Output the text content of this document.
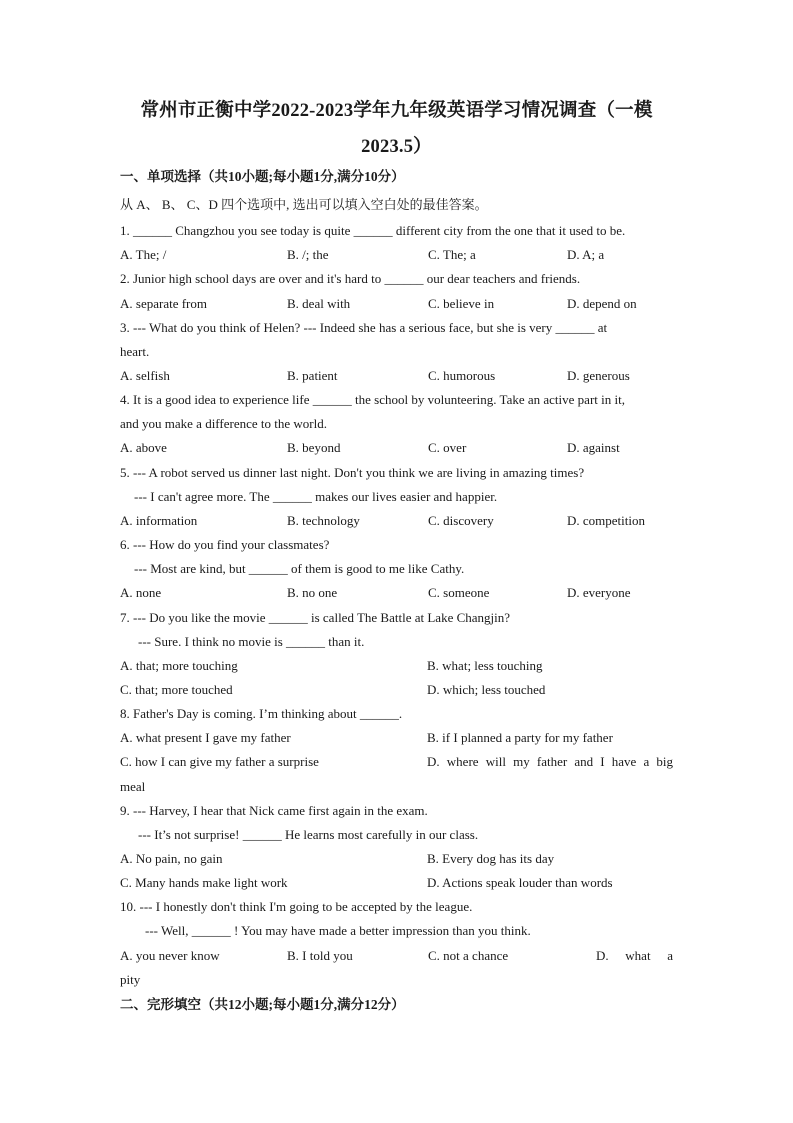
常州市正衡中学2022-2023学年九年级英语学习情况调查（一模
2023.5）
一、单项选择（共10小题;每小题1分,满分10分）
从 A、 B、 C、D 四个选项中, 选出可以填入空白处的最佳答案。
1. ______ Changzhou you see today is quite ______ different city from the one that it used to be.
A. The; /	B. /; the	C. The; a	D. A; a
2. Junior high school days are over and it's hard to ______ our dear teachers and friends.
A. separate from	B. deal with	C. believe in	D. depend on
3. --- What do you think of Helen? --- Indeed she has a serious face, but she is very ______ at
heart.
A. selfish	B. patient	C. humorous	D. generous
4. It is a good idea to experience life ______ the school by volunteering. Take an active part in it,
and you make a difference to the world.
A. above	B. beyond	C. over	D. against
5. --- A robot served us dinner last night. Don't you think we are living in amazing times?
--- I can't agree more. The ______ makes our lives easier and happier.
A. information	B. technology	C. discovery	D. competition
6. --- How do you find your classmates?
--- Most are kind, but ______ of them is good to me like Cathy.
A. none	B. no one	C. someone	D. everyone
7. --- Do you like the movie ______ is called The Battle at Lake Changjin?
--- Sure. I think no movie is ______ than it.
A. that; more touching	B. what; less touching
C. that; more touched	D. which; less touched
8. Father's Day is coming. I’m thinking about ______.
A. what present I gave my father	B. if I planned a party for my father
C. how I can give my father a surprise	D. where will my father and I have a big
meal
9. --- Harvey, I hear that Nick came first again in the exam.
--- It’s not surprise! ______ He learns most carefully in our class.
A. No pain, no gain	B. Every dog has its day
C. Many hands make light work	D. Actions speak louder than words
10. --- I honestly don't think I'm going to be accepted by the league.
--- Well, ______ ! You may have made a better impression than you think.
A. you never know	B. I told you	C. not a chance	D. what a
pity
二、完形填空（共12小题;每小题1分,满分12分）
